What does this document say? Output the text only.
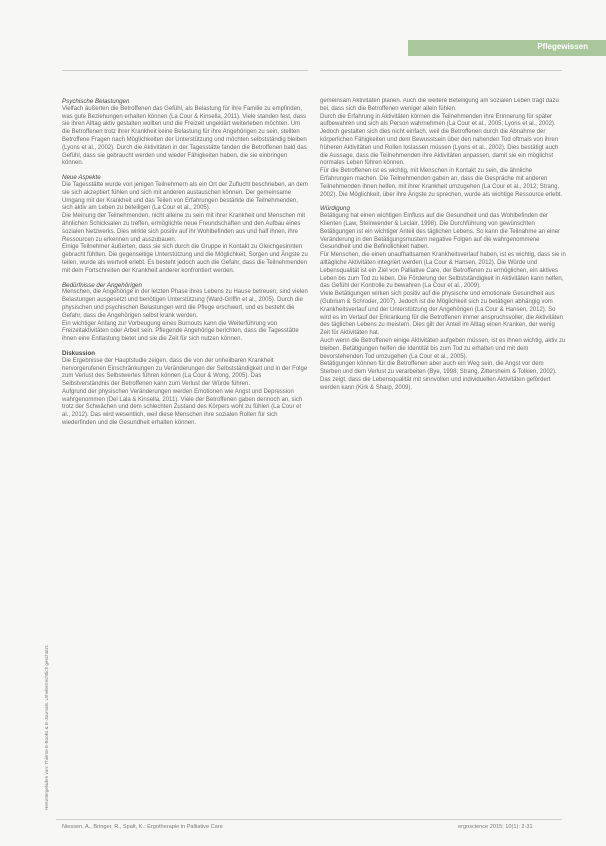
Pflegewissen
Heruntergeladen von: Thieme E-Books & E-Journals. Urheberrechtlich geschützt.
Psychische Belastungen

Vielfach äußerten die Betroffenen das Gefühl, als Belastung für ihre Familie zu empfinden, was gute Beziehungen erhalten können (La Cour & Kinsella, 2011). Viele standen fest, dass sie ihren Alltag aktiv gestalten wollten und die Freizeit ungeklärt weiterleben möchten. Um die Betroffenen trotz ihrer Krankheit keine Belastung für ihre Angehörigen zu sein, stellten Betroffene Fragen nach Möglichkeiten der Unterstützung und möchten selbstständig bleiben (Lyons et al., 2002). Durch die Aktivitäten in der Tagesstätte fanden die Betroffenen bald das Gefühl, dass sie gebraucht werden und wieder Fähigkeiten haben, die sie einbringen können.

Neue Aspekte

Die Tagesstätte wurde von jenigen Teilnehmern als ein Ort der Zuflucht beschrieben, an dem sie sich akzeptiert fühlen und sich mit anderen austauschen können. Der gemeinsame Umgang mit der Krankheit und das Teilen von Erfahrungen bestärkte die Teilnehmenden, sich aktiv am Leben zu beteiligen (La Cour et al., 2005).

Die Meinung der Teilnehmenden, nicht alleine zu sein mit ihrer Krankheit und Menschen mit ähnlichen Schicksalen zu treffen, ermöglichte neue Freundschaften und den Aufbau eines sozialen Netzwerks. Dies wirkte sich positiv auf ihr Wohlbefinden aus und half ihnen, ihre Ressourcen zu erkennen und auszubauen.

Einige Teilnehmer äußerten, dass sie sich durch die Gruppe in Kontakt zu Gleichgesinnten gebracht fühlten. Die gegenseitige Unterstützung und die Möglichkeit, Sorgen und Ängste zu teilen, wurde als wertvoll erlebt. Es besteht jedoch auch die Gefahr, dass die Teilnehmenden mit dem Fortschreiten der Krankheit anderer konfrontiert werden.

Bedürfnisse der Angehörigen

Menschen, die Angehörige in der letzten Phase ihres Lebens zu Hause betreuen, sind vielen Belastungen ausgesetzt und benötigen Unterstützung (Ward-Griffin et al., 2005). Durch die physischen und psychischen Belastungen wird die Pflege erschwert, und es besteht die Gefahr, dass die Angehörigen selbst krank werden.

Ein wichtiger Anfang zur Vorbeugung eines Burnouts kann die Weiterführung von Freizeitaktivitäten oder Arbeit sein. Pflegende Angehörige berichten, dass die Tagesstätte ihnen eine Entlastung bietet und sie die Zeit für sich nutzen können.

Diskussion

Die Ergebnisse der Hauptstudie zeigen, dass die von der unheilbaren Krankheit hervorgerufenen Einschränkungen zu Veränderungen der Selbstständigkeit und in der Folge zum Verlust des Selbstwertes führen können (La Cour & Wong, 2005). Das Selbstverständnis der Betroffenen kann zum Verlust der Würde führen.

Aufgrund der physischen Veränderungen werden Emotionen wie Angst und Depression wahrgenommen (Del Lala & Kinsella, 2011). Viele der Betroffenen gaben dennoch an, sich trotz der Schwächen und dem schlechten Zustand des Körpers wohl zu fühlen (La Cour et al., 2012). Das wird wesentlich, weil diese Menschen ihre sozialen Rollen für sich wiederfinden und die Gesundheit erhalten können.

gemeinsam Aktivitäten planen. Auch die weitere Beteiligung am sozialen Leben trägt dazu bei, dass sich die Betroffenen weniger allein fühlen.

Durch die Erfahrung in Aktivitäten können die Teilnehmenden ihre Erinnerung für später aufbewahren und sich als Person wahrnehmen (La Cour et al., 2005; Lyons et al., 2002). Jedoch gestalten sich dies nicht einfach, weil die Betroffenen durch die Abnahme der körperlichen Fähigkeiten und dem Bewusstsein über den nahenden Tod oftmals von ihren früheren Aktivitäten und Rollen loslassen müssen (Lyons et al., 2002). Dies bestätigt auch die Aussage, dass die Teilnehmenden ihre Aktivitäten anpassen, damit sie ein möglichst normales Leben führen können.

Für die Betroffenen ist es wichtig, mit Menschen in Kontakt zu sein, die ähnliche Erfahrungen machen. Die Teilnehmenden gaben an, dass die Gespräche mit anderen Teilnehmenden ihnen helfen, mit ihrer Krankheit umzugehen (La Cour et al., 2012; Strang, 2002). Die Möglichkeit, über ihre Ängste zu sprechen, wurde als wichtige Ressource erlebt.

Würdigung

Betätigung hat einen wichtigen Einfluss auf die Gesundheit und das Wohlbefinden der Klienten (Law, Steinwender & Leclair, 1998). Die Durchführung von gewünschten Betätigungen ist ein wichtiger Anteil des täglichen Lebens. So kann die Teilnahme an einer Veränderung in den Betätigungsmustern negative Folgen auf die wahrgenommene Gesundheit und die Befindlichkeit haben.

Für Menschen, die einen unaufhaltsamen Krankheitsverlauf haben, ist es wichtig, dass sie in alltägliche Aktivitäten integriert werden (La Cour & Hansen, 2012). Die Würde und Lebensqualität ist ein Ziel von Palliative Care, der Betroffenen zu ermöglichen, ein aktives Leben bis zum Tod zu leben. Die Förderung der Selbstständigkeit in Aktivitäten kann helfen, das Gefühl der Kontrolle zu bewahren (La Cour et al., 2009).

Viele Betätigungen wirken sich positiv auf die physische und emotionale Gesundheit aus (Gubrium & Schroder, 2007). Jedoch ist die Möglichkeit sich zu betätigen abhängig vom Krankheitsverlauf und der Unterstützung der Angehörigen (La Cour & Hansen, 2012). So wird es im Verlauf der Erkrankung für die Betroffenen immer anspruchsvoller, die Aktivitäten des täglichen Lebens zu meistern. Dies gilt der Anteil im Alltag einen Kranken, der wenig Zeit für Aktivitäten hat.

Auch wenn die Betroffenen einige Aktivitäten aufgeben müssen, ist es ihnen wichtig, aktiv zu bleiben. Betätigungen helfen die Identität bis zum Tod zu erhalten und mit dem bevorstehenden Tod umzugehen (La Cour et al., 2005).

Betätigungen können für die Betroffenen aber auch ein Weg sein, die Angst vor dem Sterben und dem Verlust zu verarbeiten (Bye, 1998; Strang, Zittersheim & Tolkien, 2002). Das zeigt, dass die Lebensqualität mit sinnvollen und individuellen Aktivitäten gefördert werden kann (Kirk & Sharp, 2009).

Niessen, A., Bringer, R., Spalt, K.: Ergotherapie in Palliative Care	ergoscience 2015; 10(1): 2-31
